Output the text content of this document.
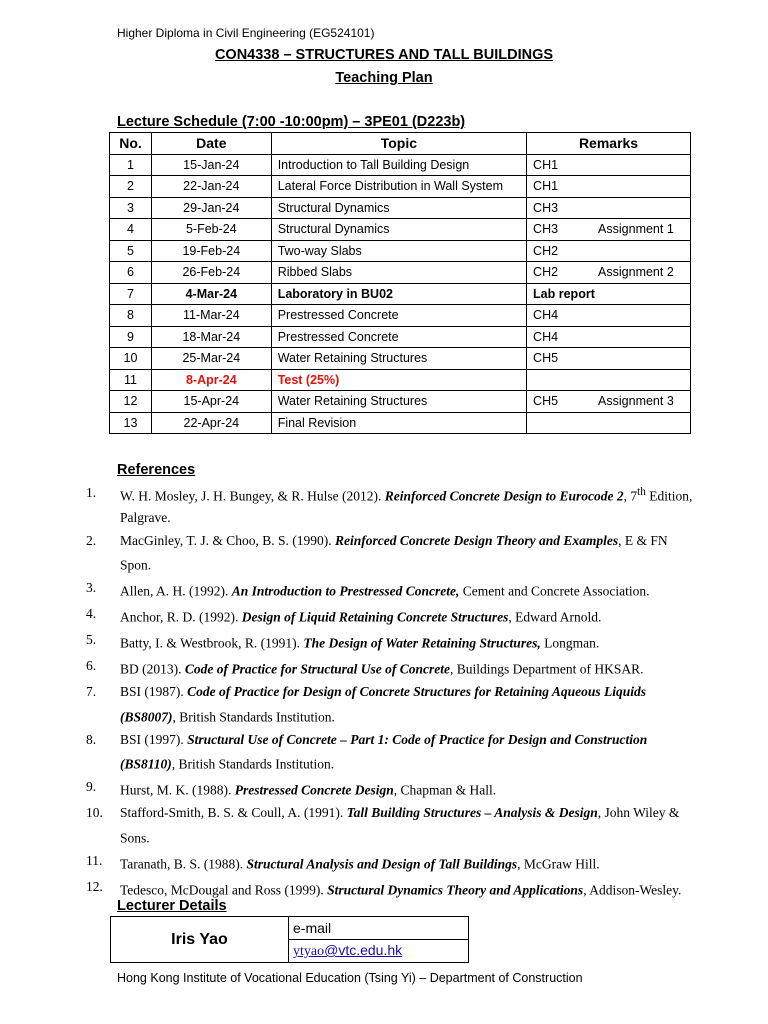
Higher Diploma in Civil Engineering (EG524101)
CON4338 – STRUCTURES AND TALL BUILDINGS
Teaching Plan
Lecture Schedule (7:00 -10:00pm) – 3PE01 (D223b)
No.	Date	Topic	Remarks
1	15-Jan-24	Introduction to Tall Building Design	CH1

2	22-Jan-24	Lateral Force Distribution in Wall System	CH1

3	29-Jan-24	Structural Dynamics	CH3

4	5-Feb-24	Structural Dynamics	CH3 Assignment 1

5	19-Feb-24	Two-way Slabs	CH2

6	26-Feb-24	Ribbed Slabs	CH2 Assignment 2

7	4-Mar-24	Laboratory in BU02	Lab report

8	11-Mar-24	Prestressed Concrete	CH4

9	18-Mar-24	Prestressed Concrete	CH4

10	25-Mar-24	Water Retaining Structures	CH5

11	8-Apr-24	Test (25%)	

12	15-Apr-24	Water Retaining Structures	CH5 Assignment 3

13	22-Apr-24	Final Revision	
References
1.	W. H. Mosley, J. H. Bungey, & R. Hulse (2012). Reinforced Concrete Design to Eurocode 2, 7th Edition, Palgrave.
2.	MacGinley, T. J. & Choo, B. S. (1990). Reinforced Concrete Design Theory and Examples, E & FN Spon.
3.	Allen, A. H. (1992). An Introduction to Prestressed Concrete, Cement and Concrete Association.
4.	Anchor, R. D. (1992). Design of Liquid Retaining Concrete Structures, Edward Arnold.
5.	Batty, I. & Westbrook, R. (1991). The Design of Water Retaining Structures, Longman.
6.	BD (2013). Code of Practice for Structural Use of Concrete, Buildings Department of HKSAR.
7.	BSI (1987). Code of Practice for Design of Concrete Structures for Retaining Aqueous Liquids (BS8007), British Standards Institution.
8.	BSI (1997). Structural Use of Concrete – Part 1: Code of Practice for Design and Construction (BS8110), British Standards Institution.
9.	Hurst, M. K. (1988). Prestressed Concrete Design, Chapman & Hall.
10.	Stafford-Smith, B. S. & Coull, A. (1991). Tall Building Structures – Analysis & Design, John Wiley & Sons.
11.	Taranath, B. S. (1988). Structural Analysis and Design of Tall Buildings, McGraw Hill.
12.	Tedesco, McDougal and Ross (1999). Structural Dynamics Theory and Applications, Addison-Wesley.
Lecturer Details
Iris Yao	e-mail
ytyao@vtc.edu.hk
Hong Kong Institute of Vocational Education (Tsing Yi) – Department of Construction
